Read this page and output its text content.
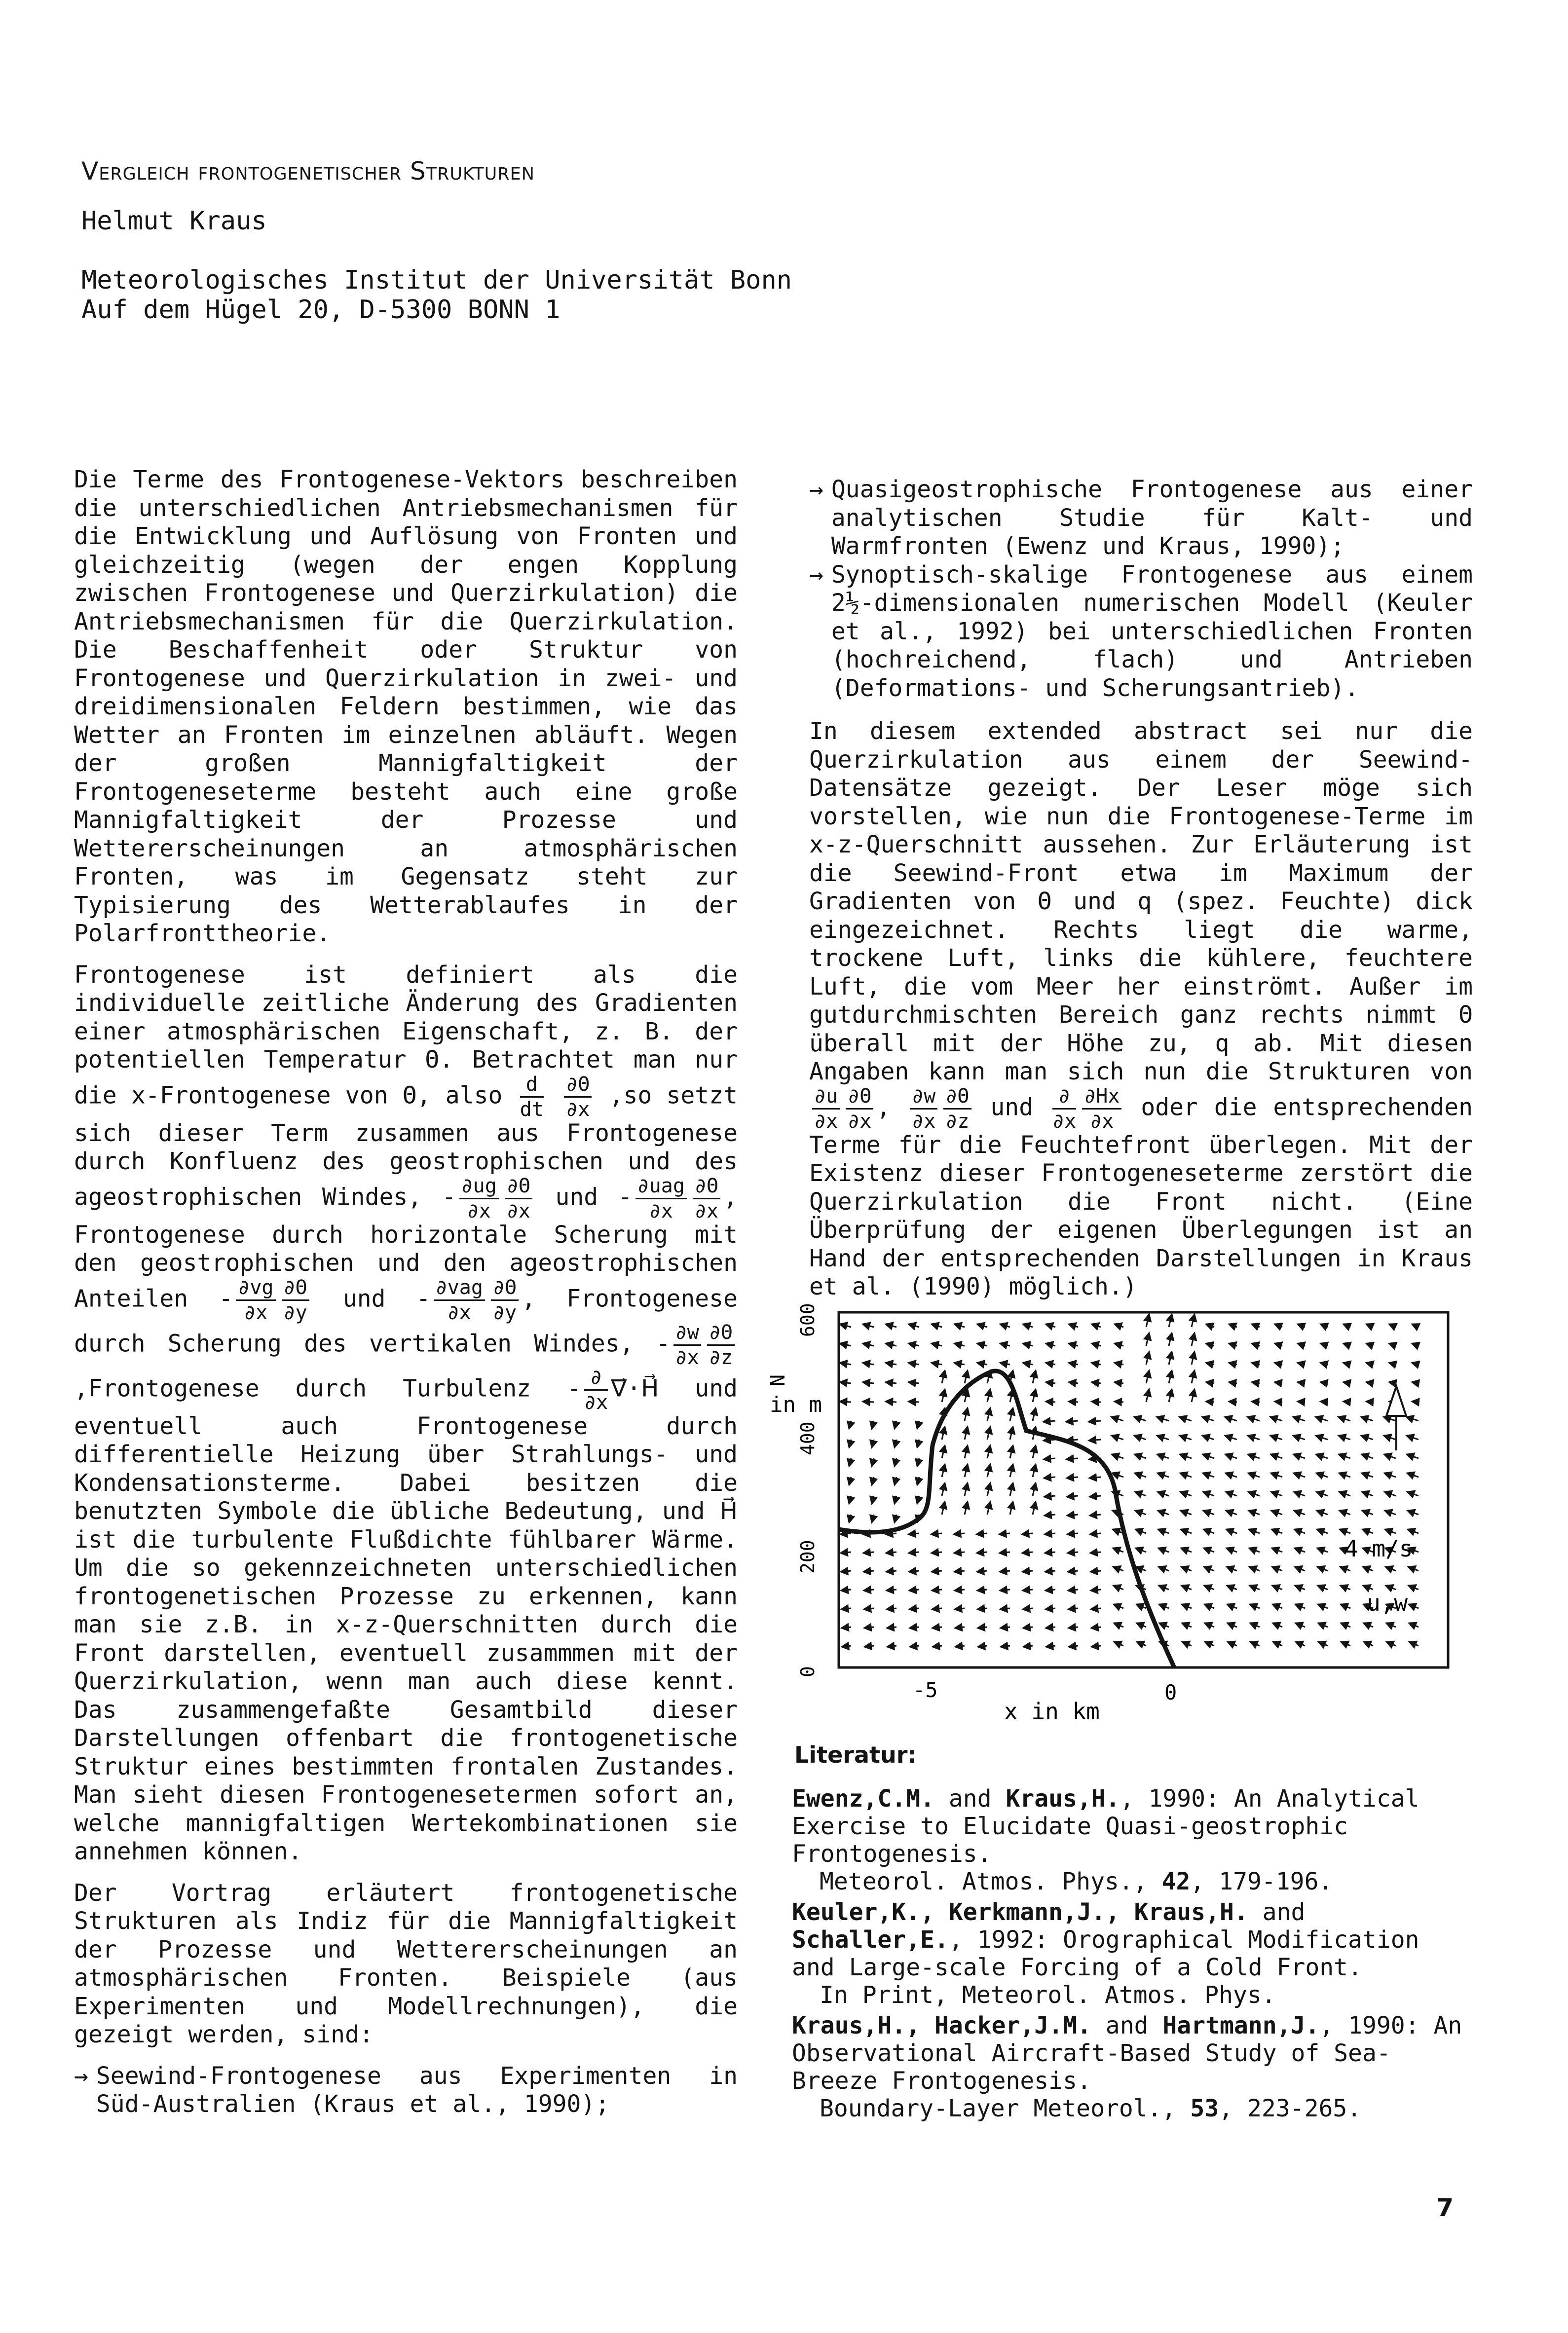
Vergleich frontogenetischer Strukturen
Helmut Kraus
Meteorologisches Institut der Universität Bonn
Auf dem Hügel 20, D-5300 BONN 1

Die Terme des Frontogenese-Vektors beschreiben die unterschiedlichen Antriebsmechanismen für die Entwicklung und Auflösung von Fronten und gleichzeitig (wegen der engen Kopplung zwischen Frontogenese und Querzirkulation) die Antriebsmechanismen für die Querzirkulation. Die Beschaffenheit oder Struktur von Frontogenese und Querzirkulation in zwei- und dreidimensionalen Feldern bestimmen, wie das Wetter an Fronten im einzelnen abläuft. Wegen der großen Mannigfaltigkeit der Frontogeneseterme besteht auch eine große Mannigfaltigkeit der Prozesse und Wettererscheinungen an atmosphärischen Fronten, was im Gegensatz steht zur Typisierung des Wetterablaufes in der Polarfronttheorie.

Frontogenese ist definiert als die individuelle zeitliche Änderung des Gradienten einer atmosphärischen Eigenschaft, z. B. der potentiellen Temperatur Θ. Betrachtet man nur die x-Frontogenese von Θ, also $\frac{d}{dt}$
$\frac{\partial\Theta}{\partial x} ,so$ setzt sich dieser Term zusammen aus Frontogenese durch Konfluenz des geostrophischen und des ageostrophischen Windes, - $\frac{\partial ug}{\partial x} \frac{\partial\Theta}{\partial x}$ und - ∂uag
∂x	$\frac{\partial\Theta}{\partial x}$ , Frontogenese durch horizontale Scherung mit den geostrophischen und den ageostrophischen Anteilen - $\frac{\partial vg}{\partial x} \frac{\partial\Theta}{\partial y}$ und - ∂vag
∂x	$\frac{\partial\Theta}{\partial y}$ , Frontogenese durch Scherung des vertikalen Windes, - $\frac{\partial w}{\partial x} \frac{\partial\Theta}{\partial z}$
,Frontogenese durch Turbulenz - ∂
∂x
∇⃗·H⃗ und eventuell auch Frontogenese durch differentielle Heizung über Strahlungs- und Kondensationsterme. Dabei besitzen die benutzten Symbole die übliche Bedeutung, und H⃗ ist die turbulente Flußdichte fühlbarer Wärme. Um die so gekennzeichneten unterschiedlichen frontogenetischen Prozesse zu erkennen, kann man sie z.B. in x-z-Querschnitten durch die Front darstellen, eventuell zusammmen mit der Querzirkulation, wenn man auch diese kennt. Das zusammengefaßte Gesamtbild dieser Darstellungen offenbart die frontogenetische Struktur eines bestimmten frontalen Zustandes. Man sieht diesen Frontogenesetermen sofort an, welche mannigfaltigen Wertekombinationen sie annehmen können.

Der Vortrag erläutert frontogenetische Strukturen als Indiz für die Mannigfaltigkeit der Prozesse und Wettererscheinungen an atmosphärischen Fronten. Beispiele (aus Experimenten und Modellrechnungen), die gezeigt werden, sind:

→ Seewind-Frontogenese aus Experimenten in Süd-Australien (Kraus et al., 1990);
→ Quasigeostrophische Frontogenese aus einer analytischen Studie für Kalt- und Warmfronten (Ewenz und Kraus, 1990);
→ Synoptisch-skalige Frontogenese aus einem 2½-dimensionalen numerischen Modell (Keuler et al., 1992) bei unterschiedlichen Fronten (hochreichend, flach) und Antrieben (Deformations- und Scherungsantrieb).

In diesem extended abstract sei nur die Querzirkulation aus einem der Seewind-Datensätze gezeigt. Der Leser möge sich vorstellen, wie nun die Frontogenese-Terme im x-z-Querschnitt aussehen. Zur Erläuterung ist die Seewind-Front etwa im Maximum der Gradienten von Θ und q (spez. Feuchte) dick eingezeichnet. Rechts liegt die warme, trockene Luft, links die kühlere, feuchtere Luft, die vom Meer her einströmt. Außer im gutdurchmischten Bereich ganz rechts nimmt Θ überall mit der Höhe zu, q ab. Mit diesen Angaben kann man sich nun die Strukturen von
$\frac{\partial u}{\partial x} \frac{\partial\Theta}{\partial x}$ , $\frac{\partial w}{\partial x} \frac{\partial\Theta}{\partial z}$ und	∂
$\partial x \frac{\partial Hx}{\partial x}$ oder die entsprechenden Terme für die Feuchtefront überlegen. Mit der Existenz dieser Frontogeneseterme zerstört die Querzirkulation die Front nicht. (Eine Überprüfung der eigenen Überlegungen ist an Hand der entsprechenden Darstellungen in Kraus et al. (1990) möglich.)

4 m/s
u,w
N
in m
600
400
200
0
-5	0
x in km
Literatur:
Ewenz,C.M. and Kraus,H., 1990: An Analytical Exercise to Elucidate Quasi-geostrophic Frontogenesis.
Meteorol. Atmos. Phys., 42, 179-196.
Keuler,K., Kerkmann,J., Kraus,H. and Schaller,E., 1992: Orographical Modification and Large-scale Forcing of a Cold Front.
In Print, Meteorol. Atmos. Phys.
Kraus,H., Hacker,J.M. and Hartmann,J., 1990: An Observational Aircraft-Based Study of Sea-Breeze Frontogenesis.
Boundary-Layer Meteorol., 53, 223-265.
7
